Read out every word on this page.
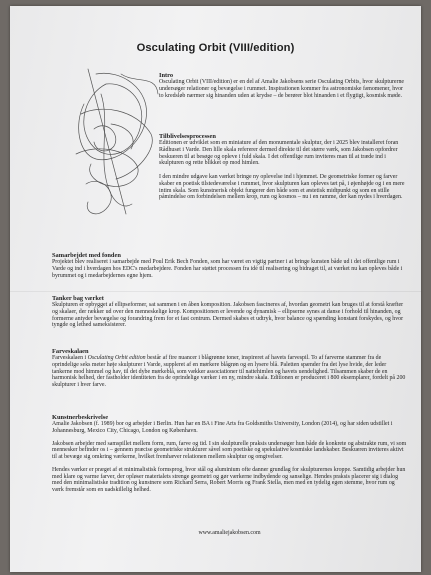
Osculating Orbit (VIII/edition)

Intro

Osculating Orbit (VIII/edition) er en del af Amalie Jakobsens serie Osculating Orbits, hvor skulpturerne undersøger relationer og bevægelse i rummet. Inspirationen kommer fra astronomiske fænomener, hvor to kredsløb nærmer sig hinanden uden at krydse – de berører blot hinanden i et flygtigt, kosmisk møde.

Tilblivelsesprocessen

Editionen er udviklet som en miniature af den monumentale skulptur, der i 2025 blev installeret foran Rådhuset i Varde. Den lille skala refererer dermed direkte til det større værk, som Jakobsen opfordrer beskueren til at besøge og opleve i fuld skala. I det offentlige rum inviteres man til at træde ind i skulpturen og rette blikket op mod himlen.

I den mindre udgave kan værket bringe ny oplevelse ind i hjemmet. De geometriske former og farver skaber en poetisk tilstedeværelse i rummet, hvor skulpturen kan opleves tæt på, i øjenhøjde og i en mere intim skala. Som kunstnerisk objekt fungerer den både som et æstetisk midtpunkt og som en stille påmindelse om forbindelsen mellem krop, rum og kosmos – nu i en ramme, der kan nydes i hverdagen.

Samarbejdet med fonden

Projektet blev realiseret i samarbejde med Poul Erik Bech Fonden, som har været en vigtig partner i at bringe kunsten både ud i det offentlige rum i Varde og ind i hverdagen hos EDC's medarbejdere. Fonden har støttet processen fra idé til realisering og bidraget til, at værket nu kan opleves både i byrummet og i medarbejdernes egne hjem.

Tanker bag værket

Skulpturen er opbygget af ellipseformer, sat sammen i en åben komposition. Jakobsen fascineres af, hvordan geometri kan bruges til at forstå kræfter og skalaer, der rækker ud over den menneskelige krop. Kompositionen er levende og dynamisk – ellipserne synes at danse i forhold til hinanden, og formerne antyder bevægelse og forandring frem for et fast centrum. Dermed skabes et udtryk, hvor balance og spænding konstant forskydes, og hvor tyngde og lethed sameksisterer.

Farveskalaen

Farveskalaen i Osculating Orbit edition består af fire nuancer i blågrønne toner, inspireret af havets farvespil. To af farverne stammer fra de oprindelige seks meter høje skulpturer i Varde, suppleret af en mørkere blågrøn og en lysere blå. Paletten spænder fra det lyse hvide, der leder tankerne mod himmel og hav, til det dybe mørkeblå, som vækker associationer til nattehimlen og havets uendelighed. Tilsammen skaber de en harmonisk helhed, der fastholder identiteten fra de oprindelige værker i en ny, mindre skala. Editionen er produceret i 800 eksemplarer, fordelt på 200 skulpturer i hver farve.

Kunstnerbeskrivelse

Amalie Jakobsen (f. 1989) bor og arbejder i Berlin. Hun har en BA i Fine Arts fra Goldsmiths University, London (2014), og har siden udstillet i Johannesburg, Mexico City, Chicago, London og København.

Jakobsen arbejder med samspillet mellem form, rum, farve og tid. I sin skulpturelle praksis undersøger hun både de konkrete og abstrakte rum, vi som mennesker befinder os i – gennem præcise geometriske strukturer såvel som poetiske og spekulative kosmiske landskaber. Beskueren inviteres aktivt til at bevæge sig omkring værkerne, hvilket fremhæver relationen mellem skulptur og omgivelser.

Hendes værker er præget af et minimalistisk formsprog, hvor stål og aluminium ofte danner grundlag for skulpturernes kroppe. Samtidig arbejder hun med klare og varme farver, der opløser materialets strenge geometri og gør værkerne indbydende og sanselige. Hendes praksis placerer sig i dialog med den minimalistiske tradition og kunstnere som Richard Serra, Robert Morris og Frank Stella, men med en tydelig egen stemme, hvor rum og værk fremstår som en uadskillelig helhed.

www.amaliejakobsen.com
